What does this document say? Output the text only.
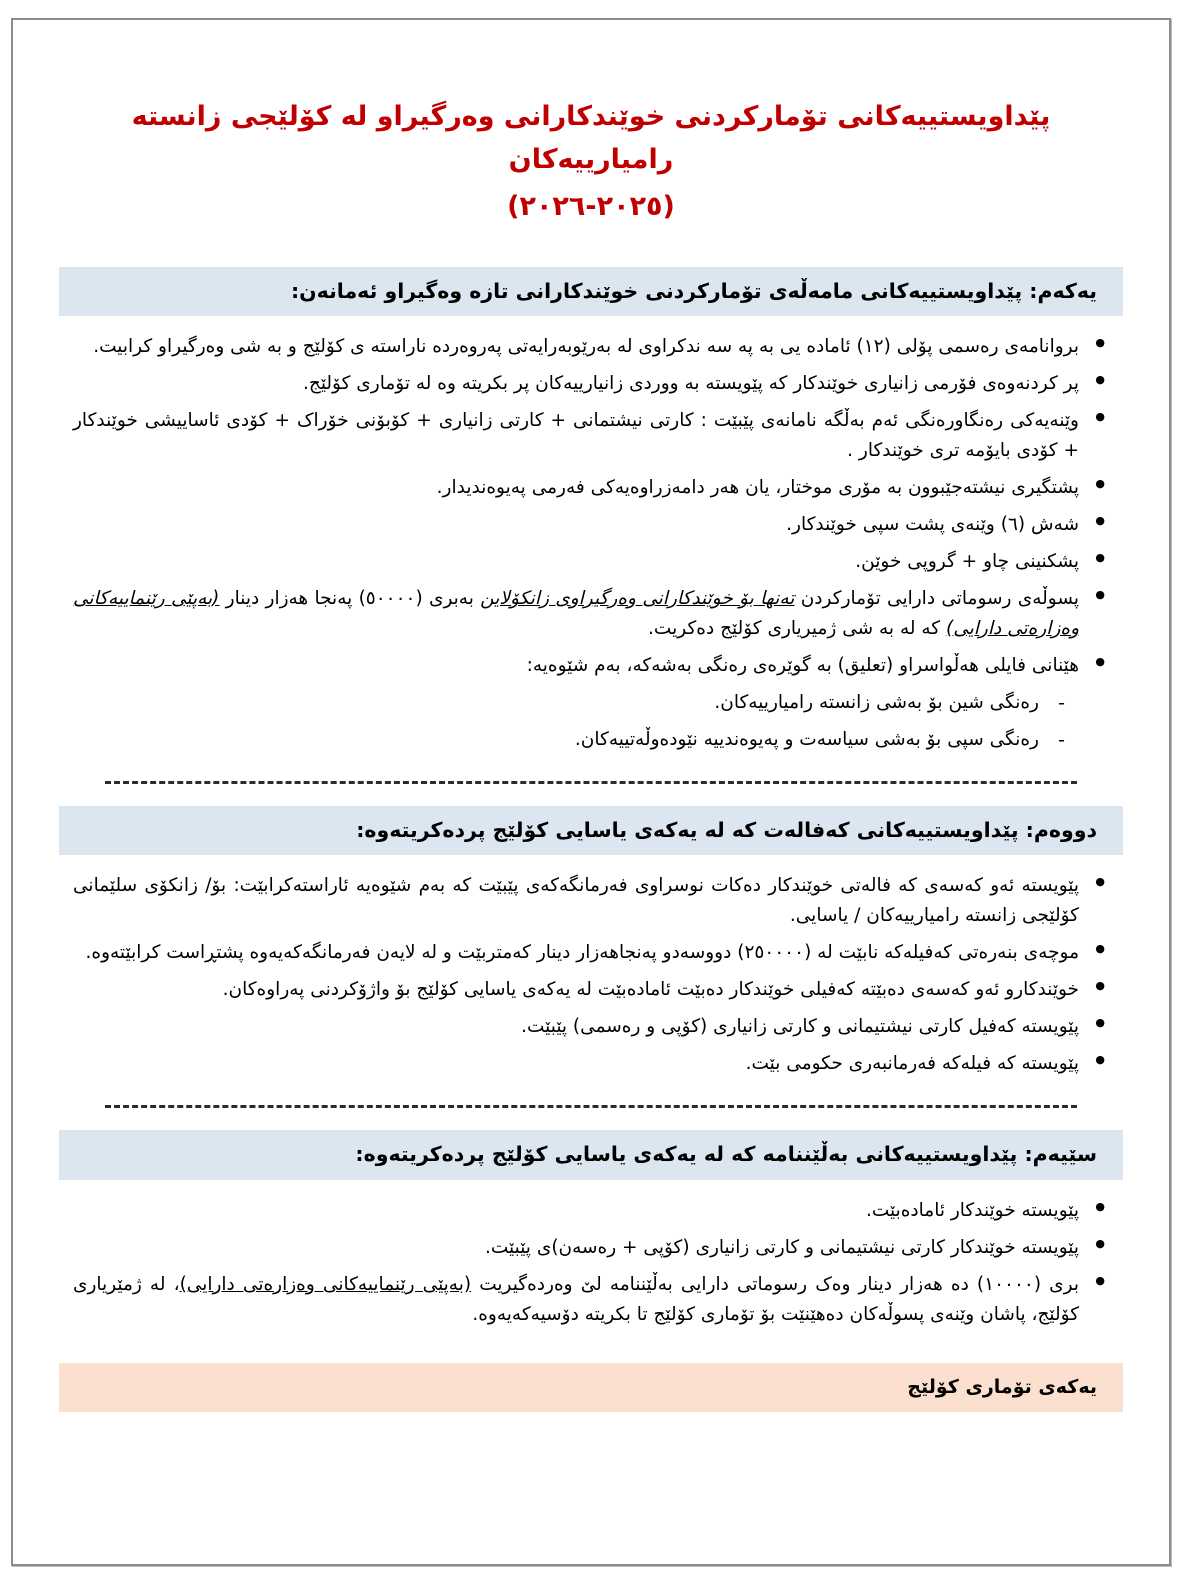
پێداویستییەکانی تۆمارکردنی خوێندکارانی وەرگیراو لە کۆلێجی زانستە رامیارییەکان
(٢٠٢٥-٢٠٢٦)
یەکەم: پێداویستییەکانی مامەڵەی تۆمارکردنی خوێندکارانی تازە وەگیراو ئەمانەن:
● بروانامەی رەسمی پۆلی (١٢) ئامادە یی بە پە سە ندکراوی لە بەرێوبەرایەتی پەروەردە ناراستە ی کۆلێج و بە شی وەرگیراو کرابیت.
● پر کردنەوەی فۆرمی زانیاری خوێندکار کە پێویستە بە ووردی زانیارییەکان پر بکریتە وە لە تۆماری کۆلێج.
● وێنەیەکی رەنگاورەنگی ئەم بەڵگە نامانەی پێبێت : کارتی نیشتمانی + کارتی زانیاری + کۆبۆنی خۆراک + کۆدی ئاساییشی خوێندکار + کۆدی بایۆمە ترى خوێندکار .
● پشتگیری نیشتەجێبوون بە مۆری موختار، یان هەر دامەزراوەیەکی فەرمی پەیوەندیدار.
● شەش (٦) وێنەی پشت سپی خوێندکار.
● پشکنینی چاو + گروپی خوێن.
● پسوڵەی رسوماتی دارایی تۆمارکردن تەنها بۆ خوێندکارانی وەرگیراوی زانکۆلاین بەبری (٥٠٠٠٠) پەنجا هەزار دینار (بەپێی رێنماییەکانی وەزارەتی دارایی) کە لە بە شی ژمیریاری کۆلێج دەکریت.
● هێنانی فایلی هەڵواسراو (تعلیق) بە گوێرەی رەنگی بەشەکە، بەم شێوەیە:
- رەنگی شین بۆ بەشی زانستە رامیارییەکان.
- رەنگی سپی بۆ بەشی سیاسەت و پەیوەندییە نێودەوڵەتییەکان.
دووەم: پێداویستییەکانی کەفالەت کە لە یەکەی یاسایی کۆلێج پردەکریتەوە:
● پێویستە ئەو کەسەی کە فالەتی خوێندکار دەکات نوسراوی فەرمانگەکەی پێبێت کە بەم شێوەیە ئاراستەکرابێت: بۆ/ زانکۆی سلێمانی کۆلێجی زانستە رامیارییەکان / یاسایی.
● موچەی بنەرەتی کەفیلەکە نابێت لە (٢٥٠٠٠٠) دووسەدو پەنجاهەزار دینار کەمتربێت و لە لایەن فەرمانگەکەیەوە پشتڕاست کرابێتەوە.
● خوێندکارو ئەو کەسەی دەبێتە کەفیلی خوێندکار دەبێت ئامادەبێت لە یەکەی یاسایی کۆلێج بۆ واژۆکردنی پەراوەکان.
● پێویستە کەفیل کارتی نیشتیمانی و کارتی زانیاری (کۆپی و رەسمی) پێبێت.
● پێویستە کە فیلەکە فەرمانبەری حکومی بێت.
سێیەم: پێداویستییەکانی بەڵێننامە کە لە یەکەی یاسایی کۆلێج پردەکریتەوە:
● پێویستە خوێندکار ئامادەبێت.
● پێویستە خوێندکار کارتی نیشتیمانی و کارتی زانیاری (کۆپی + رەسەن)ی پێبێت.
● بری (١٠٠٠٠) دە هەزار دینار وەک رسوماتی دارایی بەڵێننامە لێ وەردەگیریت (بەپێی رێنماییەکانی وەزارەتی دارایی)، لە ژمێریاری کۆلێج، پاشان وێنەی پسوڵەکان دەهێنێت بۆ تۆماری کۆلێج تا بکریتە دۆسیەکەیەوە.
یەکەی تۆماری کۆلێج
